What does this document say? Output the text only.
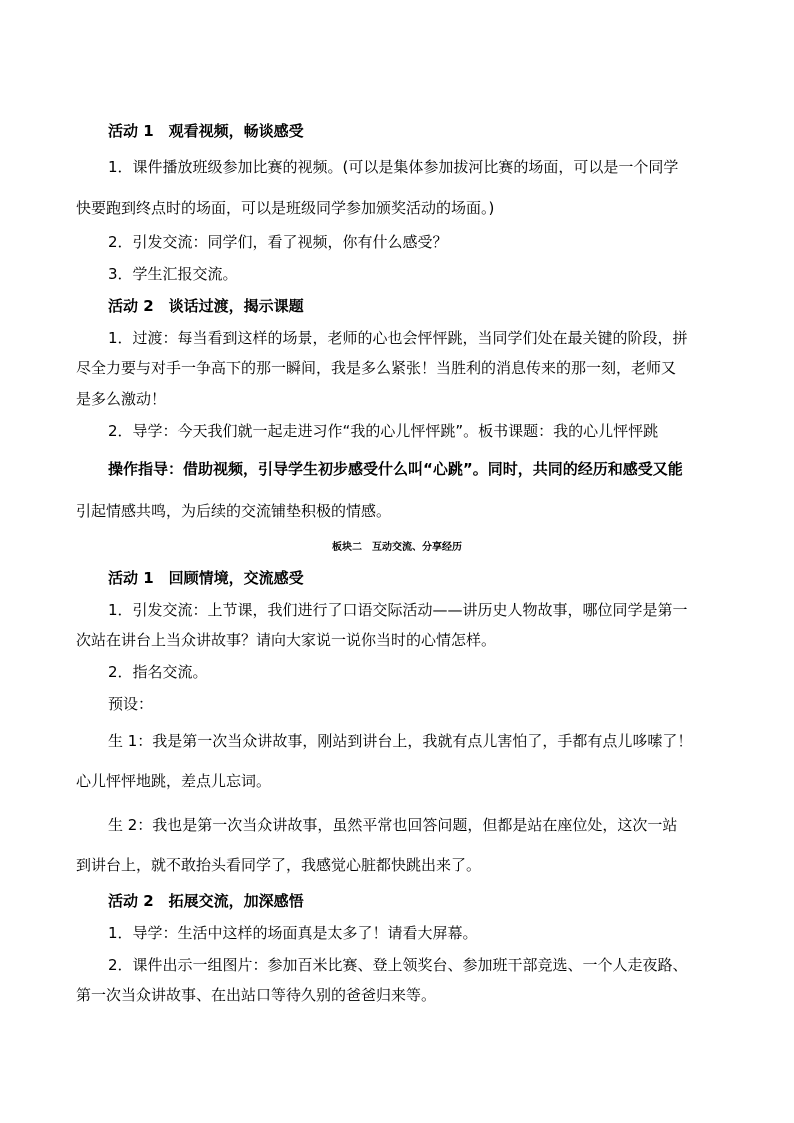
活动 1　观看视频，畅谈感受
1．课件播放班级参加比赛的视频。(可以是集体参加拔河比赛的场面，可以是一个同学
快要跑到终点时的场面，可以是班级同学参加颁奖活动的场面。)
2．引发交流：同学们，看了视频，你有什么感受？
3．学生汇报交流。
活动 2　谈话过渡，揭示课题
1．过渡：每当看到这样的场景，老师的心也会怦怦跳，当同学们处在最关键的阶段，拼
尽全力要与对手一争高下的那一瞬间，我是多么紧张！当胜利的消息传来的那一刻，老师又
是多么激动！
2．导学：今天我们就一起走进习作“我的心儿怦怦跳”。板书课题：我的心儿怦怦跳
操作指导：借助视频，引导学生初步感受什么叫“心跳”。同时，共同的经历和感受又能
引起情感共鸣，为后续的交流铺垫积极的情感。
板块二　互动交流、分享经历
活动 1　回顾情境，交流感受
1．引发交流：上节课，我们进行了口语交际活动——讲历史人物故事，哪位同学是第一
次站在讲台上当众讲故事？请向大家说一说你当时的心情怎样。
2．指名交流。
预设：
生 1：我是第一次当众讲故事，刚站到讲台上，我就有点儿害怕了，手都有点儿哆嗦了！
心儿怦怦地跳，差点儿忘词。
生 2：我也是第一次当众讲故事，虽然平常也回答问题，但都是站在座位处，这次一站
到讲台上，就不敢抬头看同学了，我感觉心脏都快跳出来了。
活动 2　拓展交流，加深感悟
1．导学：生活中这样的场面真是太多了！请看大屏幕。
2．课件出示一组图片：参加百米比赛、登上领奖台、参加班干部竞选、一个人走夜路、
第一次当众讲故事、在出站口等待久别的爸爸归来等。
